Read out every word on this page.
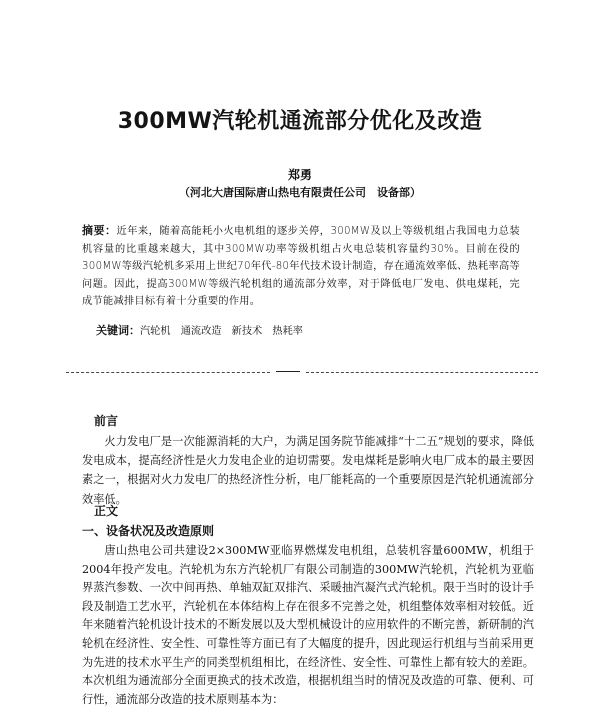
300MW汽轮机通流部分优化及改造
郑勇
（河北大唐国际唐山热电有限责任公司　设备部）
摘要：近年来，随着高能耗小火电机组的逐步关停，300MW及以上等级机组占我国电力总装机容量的比重越来越大，其中300MW功率等级机组占火电总装机容量约30%。目前在役的300MW等级汽轮机多采用上世纪70年代-80年代技术设计制造，存在通流效率低、热耗率高等问题。因此，提高300MW等级汽轮机组的通流部分效率，对于降低电厂发电、供电煤耗，完成节能减排目标有着十分重要的作用。
关键词：汽轮机　通流改造　新技术　热耗率
前言
火力发电厂是一次能源消耗的大户，为满足国务院节能减排“十二五”规划的要求，降低发电成本，提高经济性是火力发电企业的迫切需要。发电煤耗是影响火电厂成本的最主要因素之一，根据对火力发电厂的热经济性分析，电厂能耗高的一个重要原因是汽轮机通流部分效率低。
正文
一、设备状况及改造原则
唐山热电公司共建设2×300MW亚临界燃煤发电机组，总装机容量600MW，机组于2004年投产发电。汽轮机为东方汽轮机厂有限公司制造的300MW汽轮机，汽轮机为亚临界蒸汽参数、一次中间再热、单轴双缸双排汽、采暖抽汽凝汽式汽轮机。限于当时的设计手段及制造工艺水平，汽轮机在本体结构上存在很多不完善之处，机组整体效率相对较低。近年来随着汽轮机设计技术的不断发展以及大型机械设计的应用软件的不断完善，新研制的汽轮机在经济性、安全性、可靠性等方面已有了大幅度的提升，因此现运行机组与当前采用更为先进的技术水平生产的同类型机组相比，在经济性、安全性、可靠性上都有较大的差距。本次机组为通流部分全面更换式的技术改造，根据机组当时的情况及改造的可靠、便利、可行性，通流部分改造的技术原则基本为：
